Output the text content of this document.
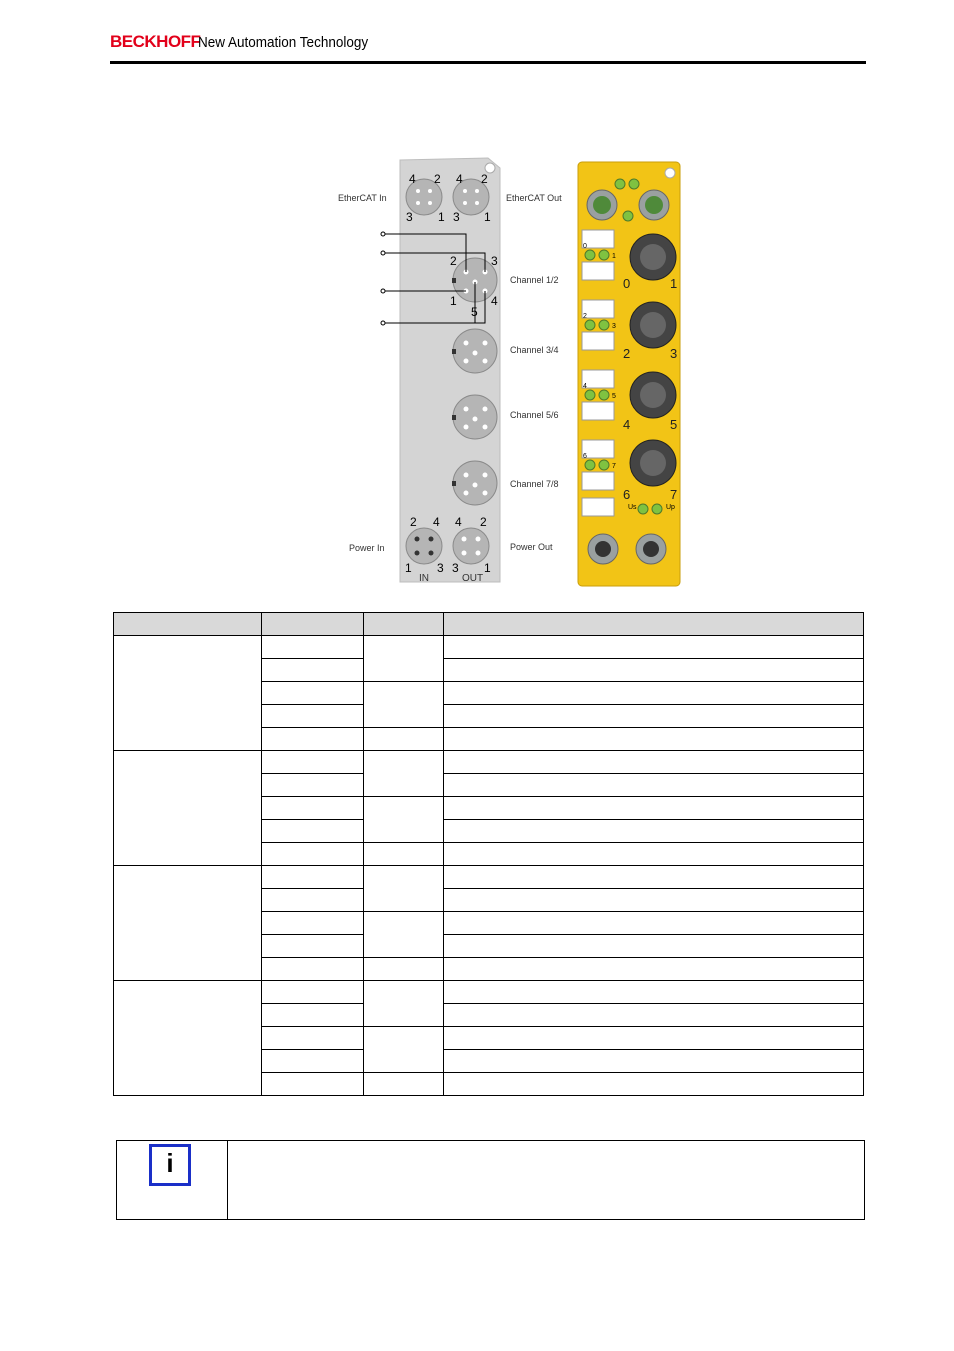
BECKHOFF
New Automation Technology
EtherCAT In	EtherCAT Out
Channel 1/2
Channel 3/4
Channel 5/6
Channel 7/8
Power In	Power Out
IN	OUT
4 2
3 1
4 2
3 1
2	3
1
5
4
2 4
1 3
4 2
3 1
0	1
2	3
4	5
6	7
0
1
2
3
4
5
6
7
Us	Up

i
